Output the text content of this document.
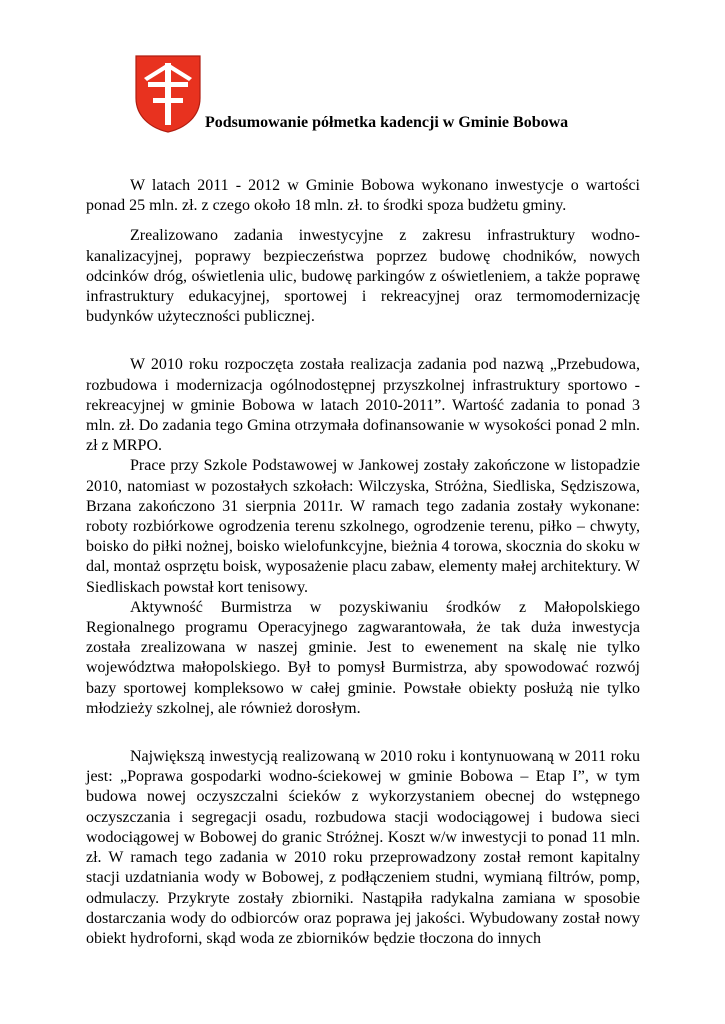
Podsumowanie półmetka kadencji w Gminie Bobowa

W latach 2011 - 2012 w Gminie Bobowa wykonano inwestycje o wartości ponad 25 mln. zł. z czego około 18 mln. zł. to środki spoza budżetu gminy.

Zrealizowano zadania inwestycyjne z zakresu infrastruktury wodno-kanalizacyjnej, poprawy bezpieczeństwa poprzez budowę chodników, nowych odcinków dróg, oświetlenia ulic, budowę parkingów z oświetleniem, a także poprawę infrastruktury edukacyjnej, sportowej i rekreacyjnej oraz termomodernizację budynków użyteczności publicznej.

W 2010 roku rozpoczęta została realizacja zadania pod nazwą „Przebudowa, rozbudowa i modernizacja ogólnodostępnej przyszkolnej infrastruktury sportowo - rekreacyjnej w gminie Bobowa w latach 2010-2011”. Wartość zadania to ponad 3 mln. zł. Do zadania tego Gmina otrzymała dofinansowanie w wysokości ponad 2 mln. zł z MRPO.

Prace przy Szkole Podstawowej w Jankowej zostały zakończone w listopadzie 2010, natomiast w pozostałych szkołach: Wilczyska, Stróżna, Siedliska, Sędziszowa, Brzana zakończono 31 sierpnia 2011r. W ramach tego zadania zostały wykonane: roboty rozbiórkowe ogrodzenia terenu szkolnego, ogrodzenie terenu, piłko – chwyty, boisko do piłki nożnej, boisko wielofunkcyjne, bieżnia 4 torowa, skocznia do skoku w dal, montaż osprzętu boisk, wyposażenie placu zabaw, elementy małej architektury. W Siedliskach powstał kort tenisowy.

Aktywność Burmistrza w pozyskiwaniu środków z Małopolskiego Regionalnego programu Operacyjnego zagwarantowała, że tak duża inwestycja została zrealizowana w naszej gminie. Jest to ewenement na skalę nie tylko województwa małopolskiego. Był to pomysł Burmistrza, aby spowodować rozwój bazy sportowej kompleksowo w całej gminie. Powstałe obiekty posłużą nie tylko młodzieży szkolnej, ale również dorosłym.

Największą inwestycją realizowaną w 2010 roku i kontynuowaną w 2011 roku jest: „Poprawa gospodarki wodno-ściekowej w gminie Bobowa – Etap I”, w tym budowa nowej oczyszczalni ścieków z wykorzystaniem obecnej do wstępnego oczyszczania i segregacji osadu, rozbudowa stacji wodociągowej i budowa sieci wodociągowej w Bobowej do granic Stróżnej. Koszt w/w inwestycji to ponad 11 mln. zł. W ramach tego zadania w 2010 roku przeprowadzony został remont kapitalny stacji uzdatniania wody w Bobowej, z podłączeniem studni, wymianą filtrów, pomp, odmulaczy. Przykryte zostały zbiorniki. Nastąpiła radykalna zamiana w sposobie dostarczania wody do odbiorców oraz poprawa jej jakości. Wybudowany został nowy obiekt hydroforni, skąd woda ze zbiorników będzie tłoczona do innych
